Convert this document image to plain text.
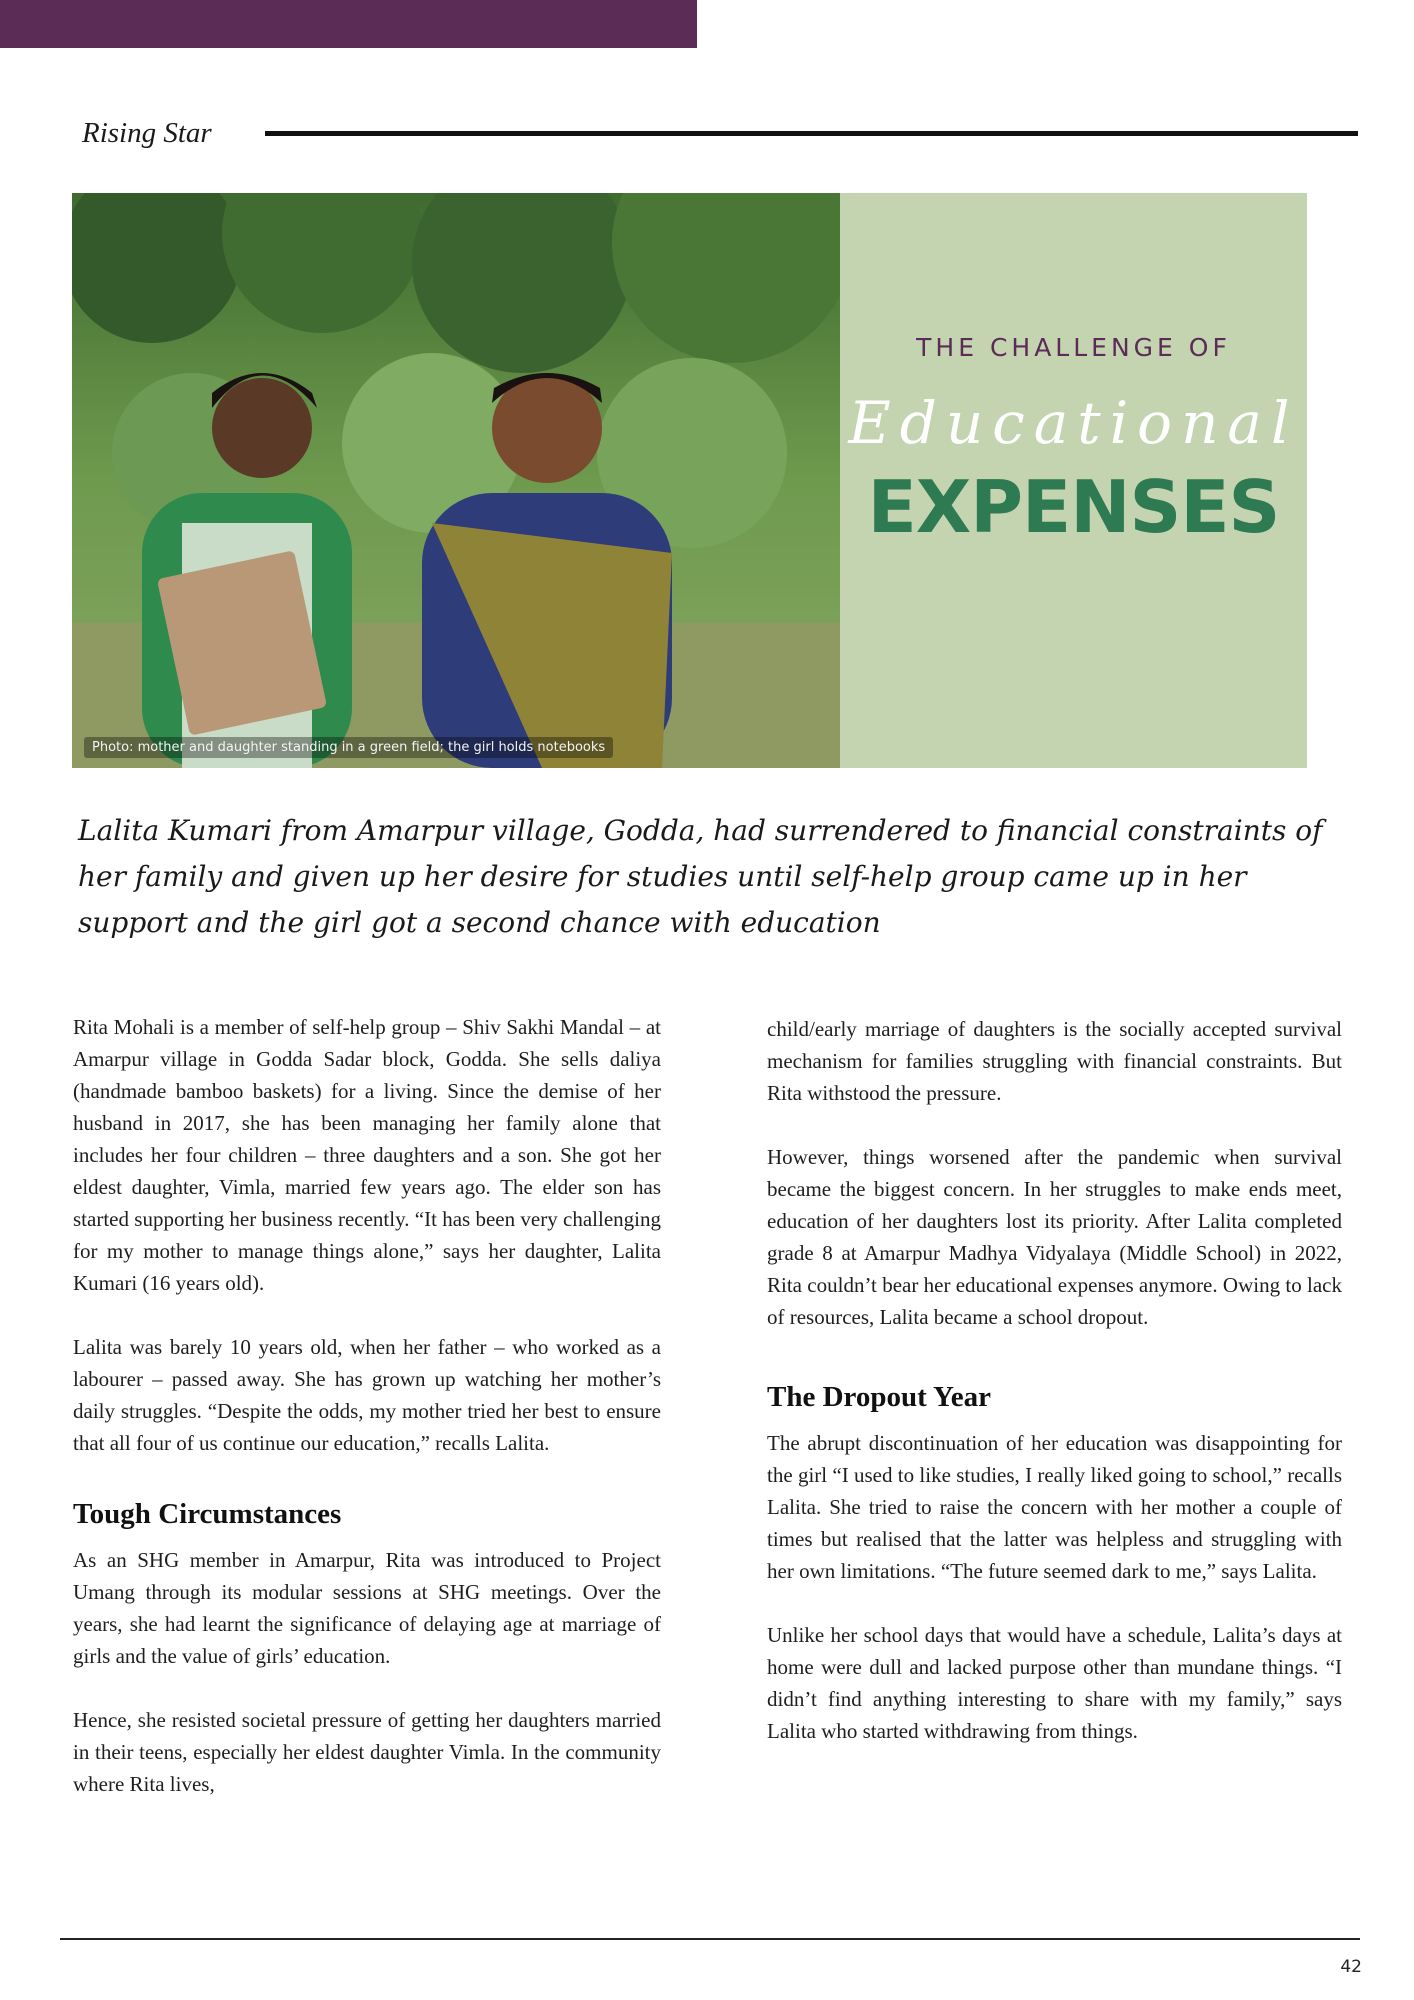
Rising Star
Photo: mother and daughter standing in a green field; the girl holds notebooks
THE CHALLENGE OF
Educational
EXPENSES
Lalita Kumari from Amarpur village, Godda, had surrendered to financial constraints of her family and given up her desire for studies until self-help group came up in her support and the girl got a second chance with education

Rita Mohali is a member of self-help group – Shiv Sakhi Mandal – at Amarpur village in Godda Sadar block, Godda. She sells daliya (handmade bamboo baskets) for a living. Since the demise of her husband in 2017, she has been managing her family alone that includes her four children – three daughters and a son. She got her eldest daughter, Vimla, married few years ago. The elder son has started supporting her business recently. “It has been very challenging for my mother to manage things alone,” says her daughter, Lalita Kumari (16 years old).

Lalita was barely 10 years old, when her father – who worked as a labourer – passed away. She has grown up watching her mother’s daily struggles. “Despite the odds, my mother tried her best to ensure that all four of us continue our education,” recalls Lalita.

Tough Circumstances

As an SHG member in Amarpur, Rita was introduced to Project Umang through its modular sessions at SHG meetings. Over the years, she had learnt the significance of delaying age at marriage of girls and the value of girls’ education.

Hence, she resisted societal pressure of getting her daughters married in their teens, especially her eldest daughter Vimla. In the community where Rita lives,

child/early marriage of daughters is the socially accepted survival mechanism for families struggling with financial constraints. But Rita withstood the pressure.

However, things worsened after the pandemic when survival became the biggest concern. In her struggles to make ends meet, education of her daughters lost its priority. After Lalita completed grade 8 at Amarpur Madhya Vidyalaya (Middle School) in 2022, Rita couldn’t bear her educational expenses anymore. Owing to lack of resources, Lalita became a school dropout.

The Dropout Year

The abrupt discontinuation of her education was disappointing for the girl “I used to like studies, I really liked going to school,” recalls Lalita. She tried to raise the concern with her mother a couple of times but realised that the latter was helpless and struggling with her own limitations. “The future seemed dark to me,” says Lalita.

Unlike her school days that would have a schedule, Lalita’s days at home were dull and lacked purpose other than mundane things. “I didn’t find anything interesting to share with my family,” says Lalita who started withdrawing from things.

42
